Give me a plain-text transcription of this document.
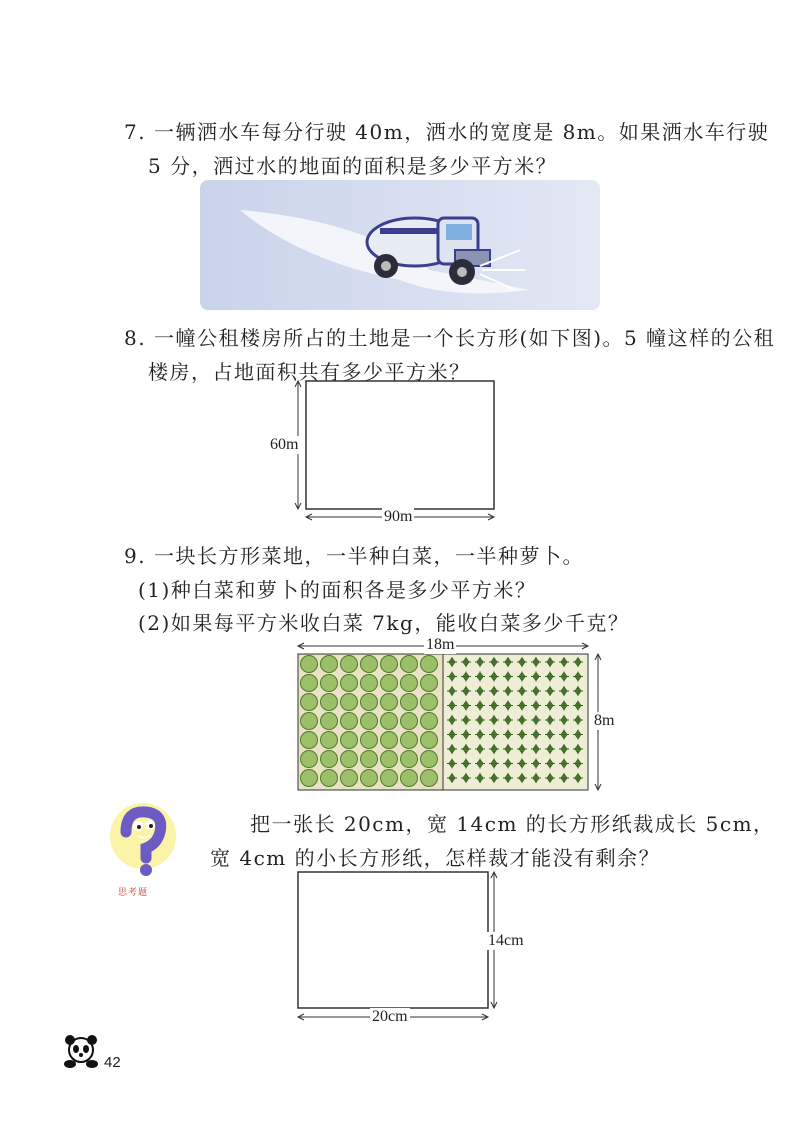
7. 一辆洒水车每分行驶 40m，洒水的宽度是 8m。如果洒水车行驶
5 分，洒过水的地面的面积是多少平方米？
8. 一幢公租楼房所占的土地是一个长方形(如下图)。5 幢这样的公租
楼房，占地面积共有多少平方米？
60m
90m
9. 一块长方形菜地，一半种白菜，一半种萝卜。
(1)种白菜和萝卜的面积各是多少平方米？
(2)如果每平方米收白菜 7kg，能收白菜多少千克？
18m
8m
思考题
把一张长 20cm，宽 14cm 的长方形纸裁成长 5cm，
宽 4cm 的小长方形纸，怎样裁才能没有剩余？
14cm
20cm
42
